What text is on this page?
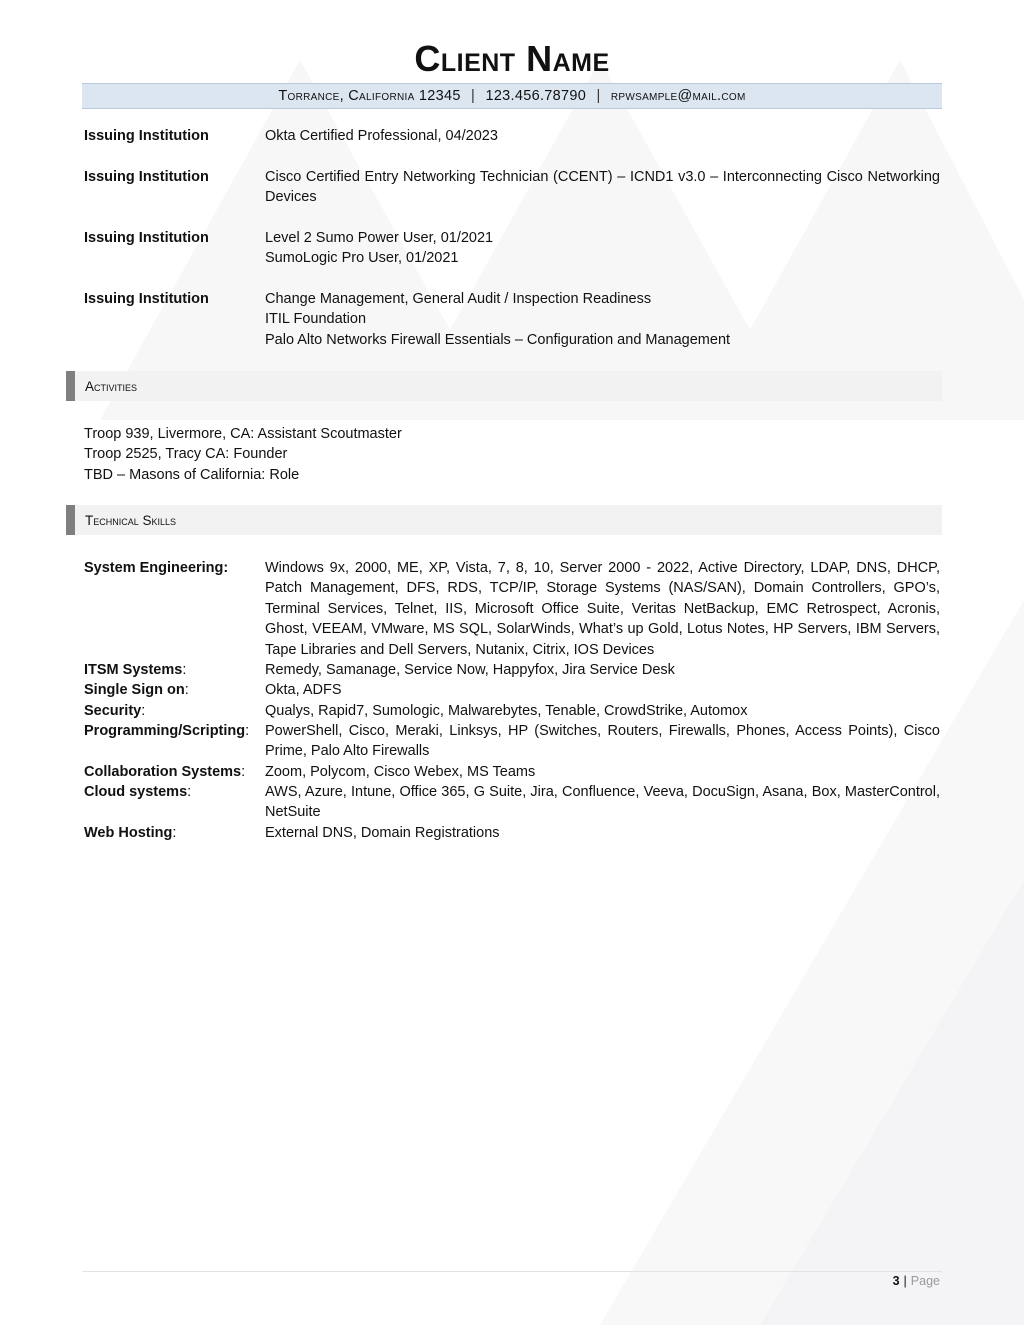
Client Name
Torrance, California 12345 | 123.456.78790 | rpwsample@mail.com
Issuing Institution	Okta Certified Professional, 04/2023
Issuing Institution	Cisco Certified Entry Networking Technician (CCENT) – ICND1 v3.0 – Interconnecting Cisco Networking Devices
Issuing Institution	Level 2 Sumo Power User, 01/2021
SumoLogic Pro User, 01/2021
Issuing Institution	Change Management, General Audit / Inspection Readiness
ITIL Foundation
Palo Alto Networks Firewall Essentials – Configuration and Management
Activities
Troop 939, Livermore, CA: Assistant Scoutmaster
Troop 2525, Tracy CA: Founder
TBD – Masons of California: Role
Technical Skills
System Engineering:	Windows 9x, 2000, ME, XP, Vista, 7, 8, 10, Server 2000 - 2022, Active Directory, LDAP, DNS, DHCP, Patch Management, DFS, RDS, TCP/IP, Storage Systems (NAS/SAN), Domain Controllers, GPO’s, Terminal Services, Telnet, IIS, Microsoft Office Suite, Veritas NetBackup, EMC Retrospect, Acronis, Ghost, VEEAM, VMware, MS SQL, SolarWinds, What’s up Gold, Lotus Notes, HP Servers, IBM Servers, Tape Libraries and Dell Servers, Nutanix, Citrix, IOS Devices
ITSM Systems:	Remedy, Samanage, Service Now, Happyfox, Jira Service Desk
Single Sign on:	Okta, ADFS
Security:	Qualys, Rapid7, Sumologic, Malwarebytes, Tenable, CrowdStrike, Automox
Programming/Scripting:	PowerShell, Cisco, Meraki, Linksys, HP (Switches, Routers, Firewalls, Phones, Access Points), Cisco Prime, Palo Alto Firewalls
Collaboration Systems:	Zoom, Polycom, Cisco Webex, MS Teams
Cloud systems:	AWS, Azure, Intune, Office 365, G Suite, Jira, Confluence, Veeva, DocuSign, Asana, Box, MasterControl, NetSuite
Web Hosting:	External DNS, Domain Registrations
3 | Page
